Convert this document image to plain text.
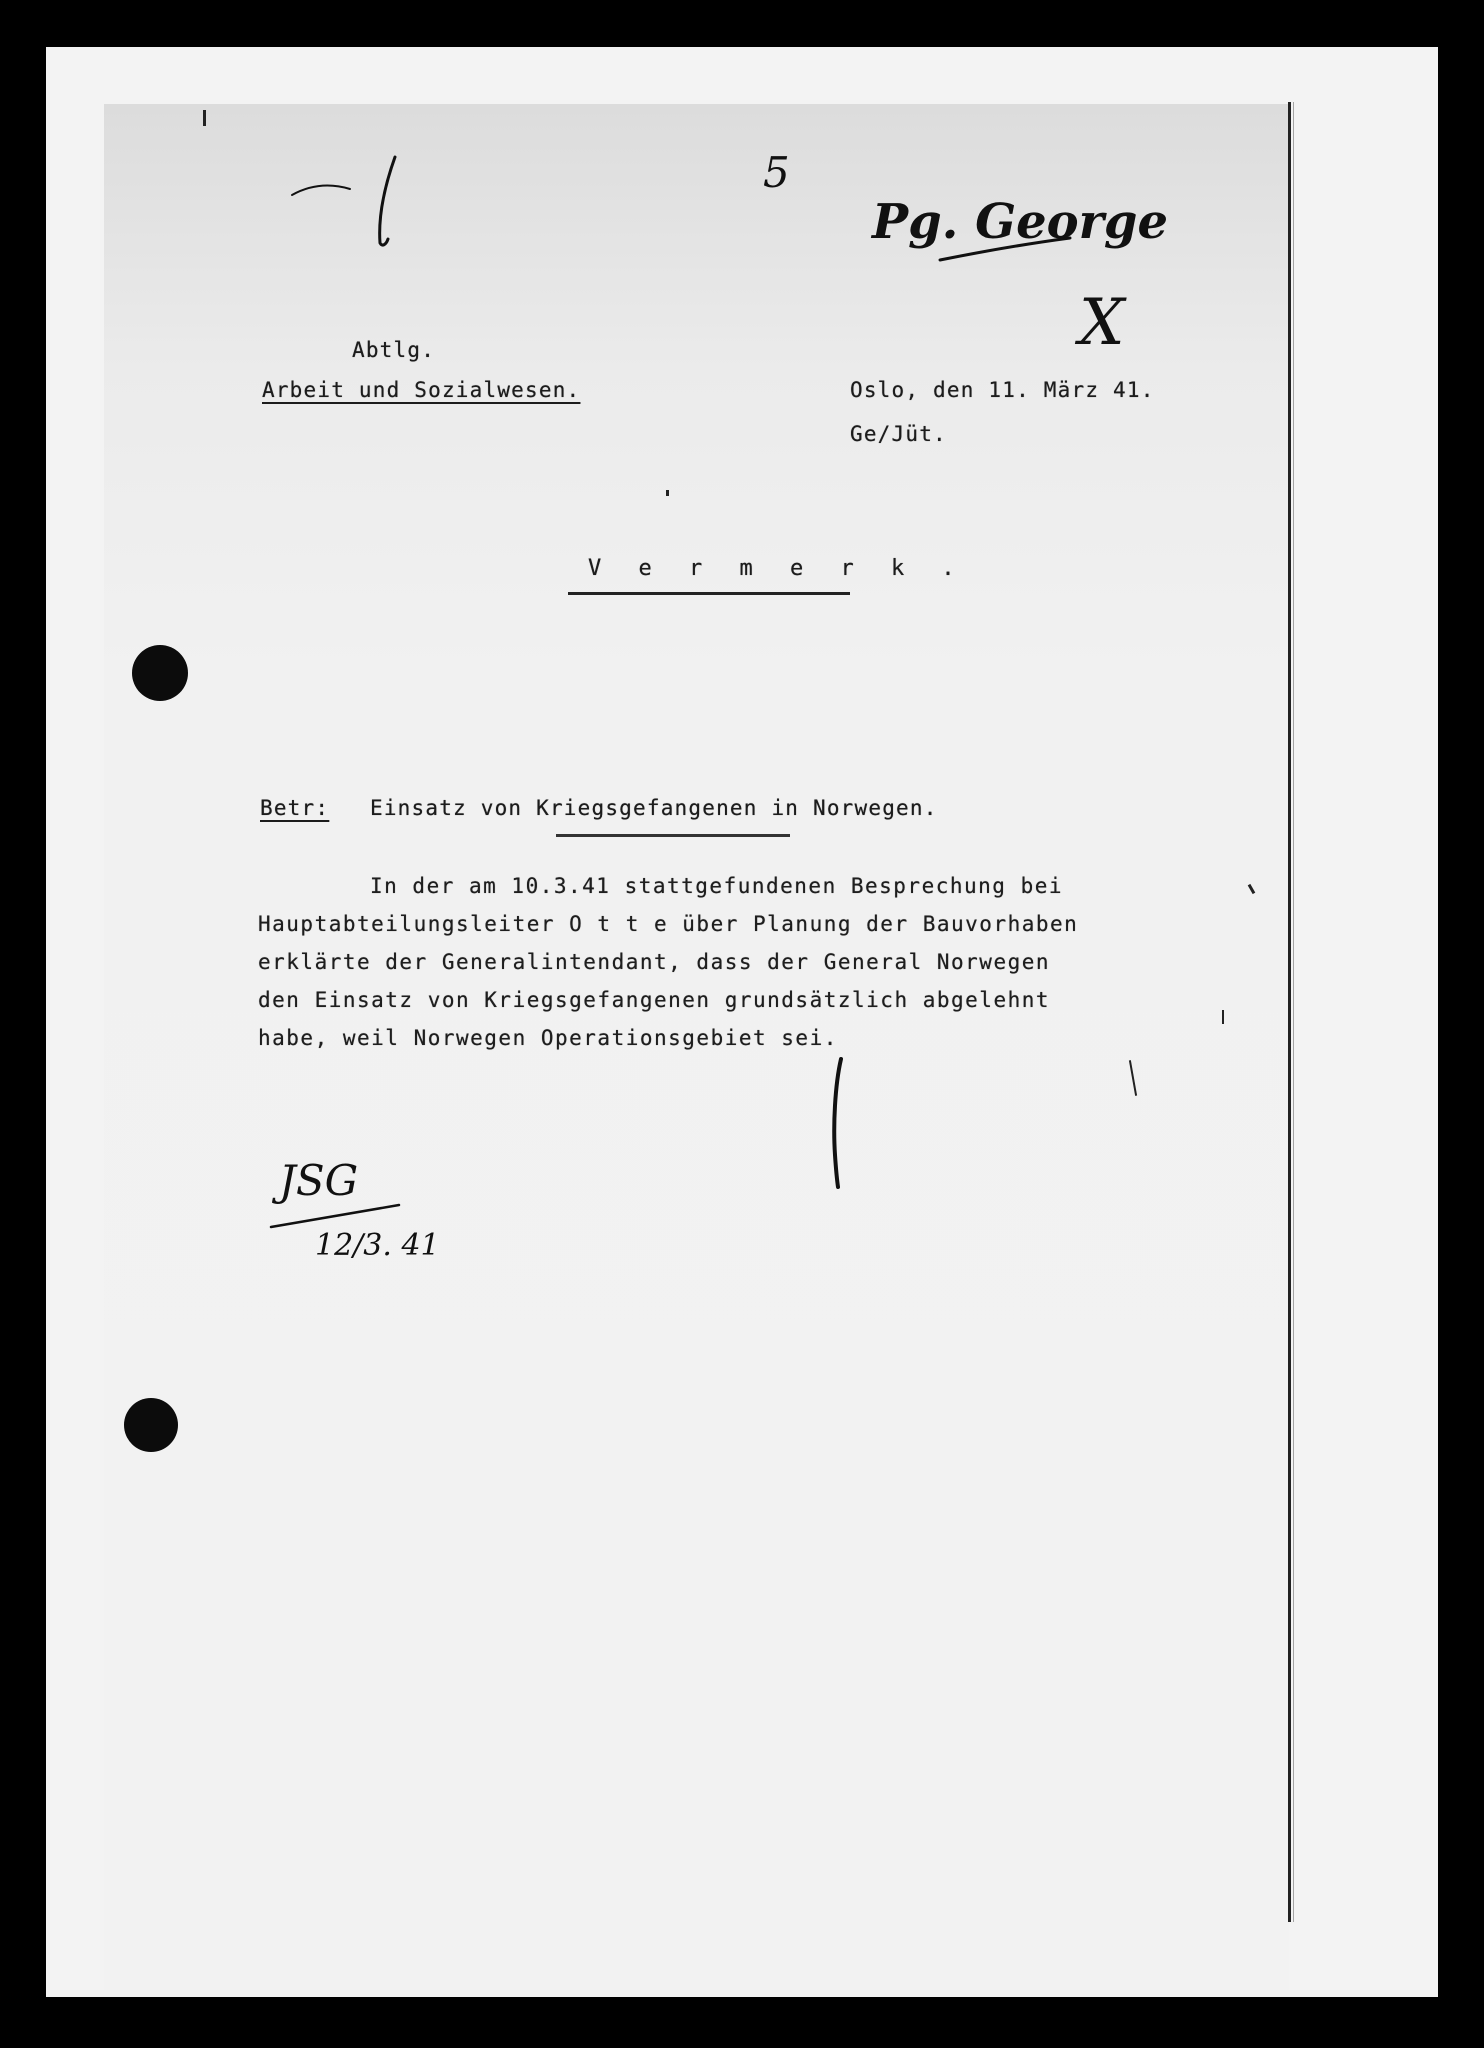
5
Pg. George
X
Abtlg.
Arbeit und Sozialwesen.	Oslo, den 11. März 41.
Ge/Jüt.
V e r m e r k .
Betr: Einsatz von Kriegsgefangenen in Norwegen.
In der am 10.3.41 stattgefundenen Besprechung bei
Hauptabteilungsleiter O t t e über Planung der Bauvorhaben
erklärte der Generalintendant, dass der General Norwegen
den Einsatz von Kriegsgefangenen grundsätzlich abgelehnt
habe, weil Norwegen Operationsgebiet sei.
JSG
12/3. 41
